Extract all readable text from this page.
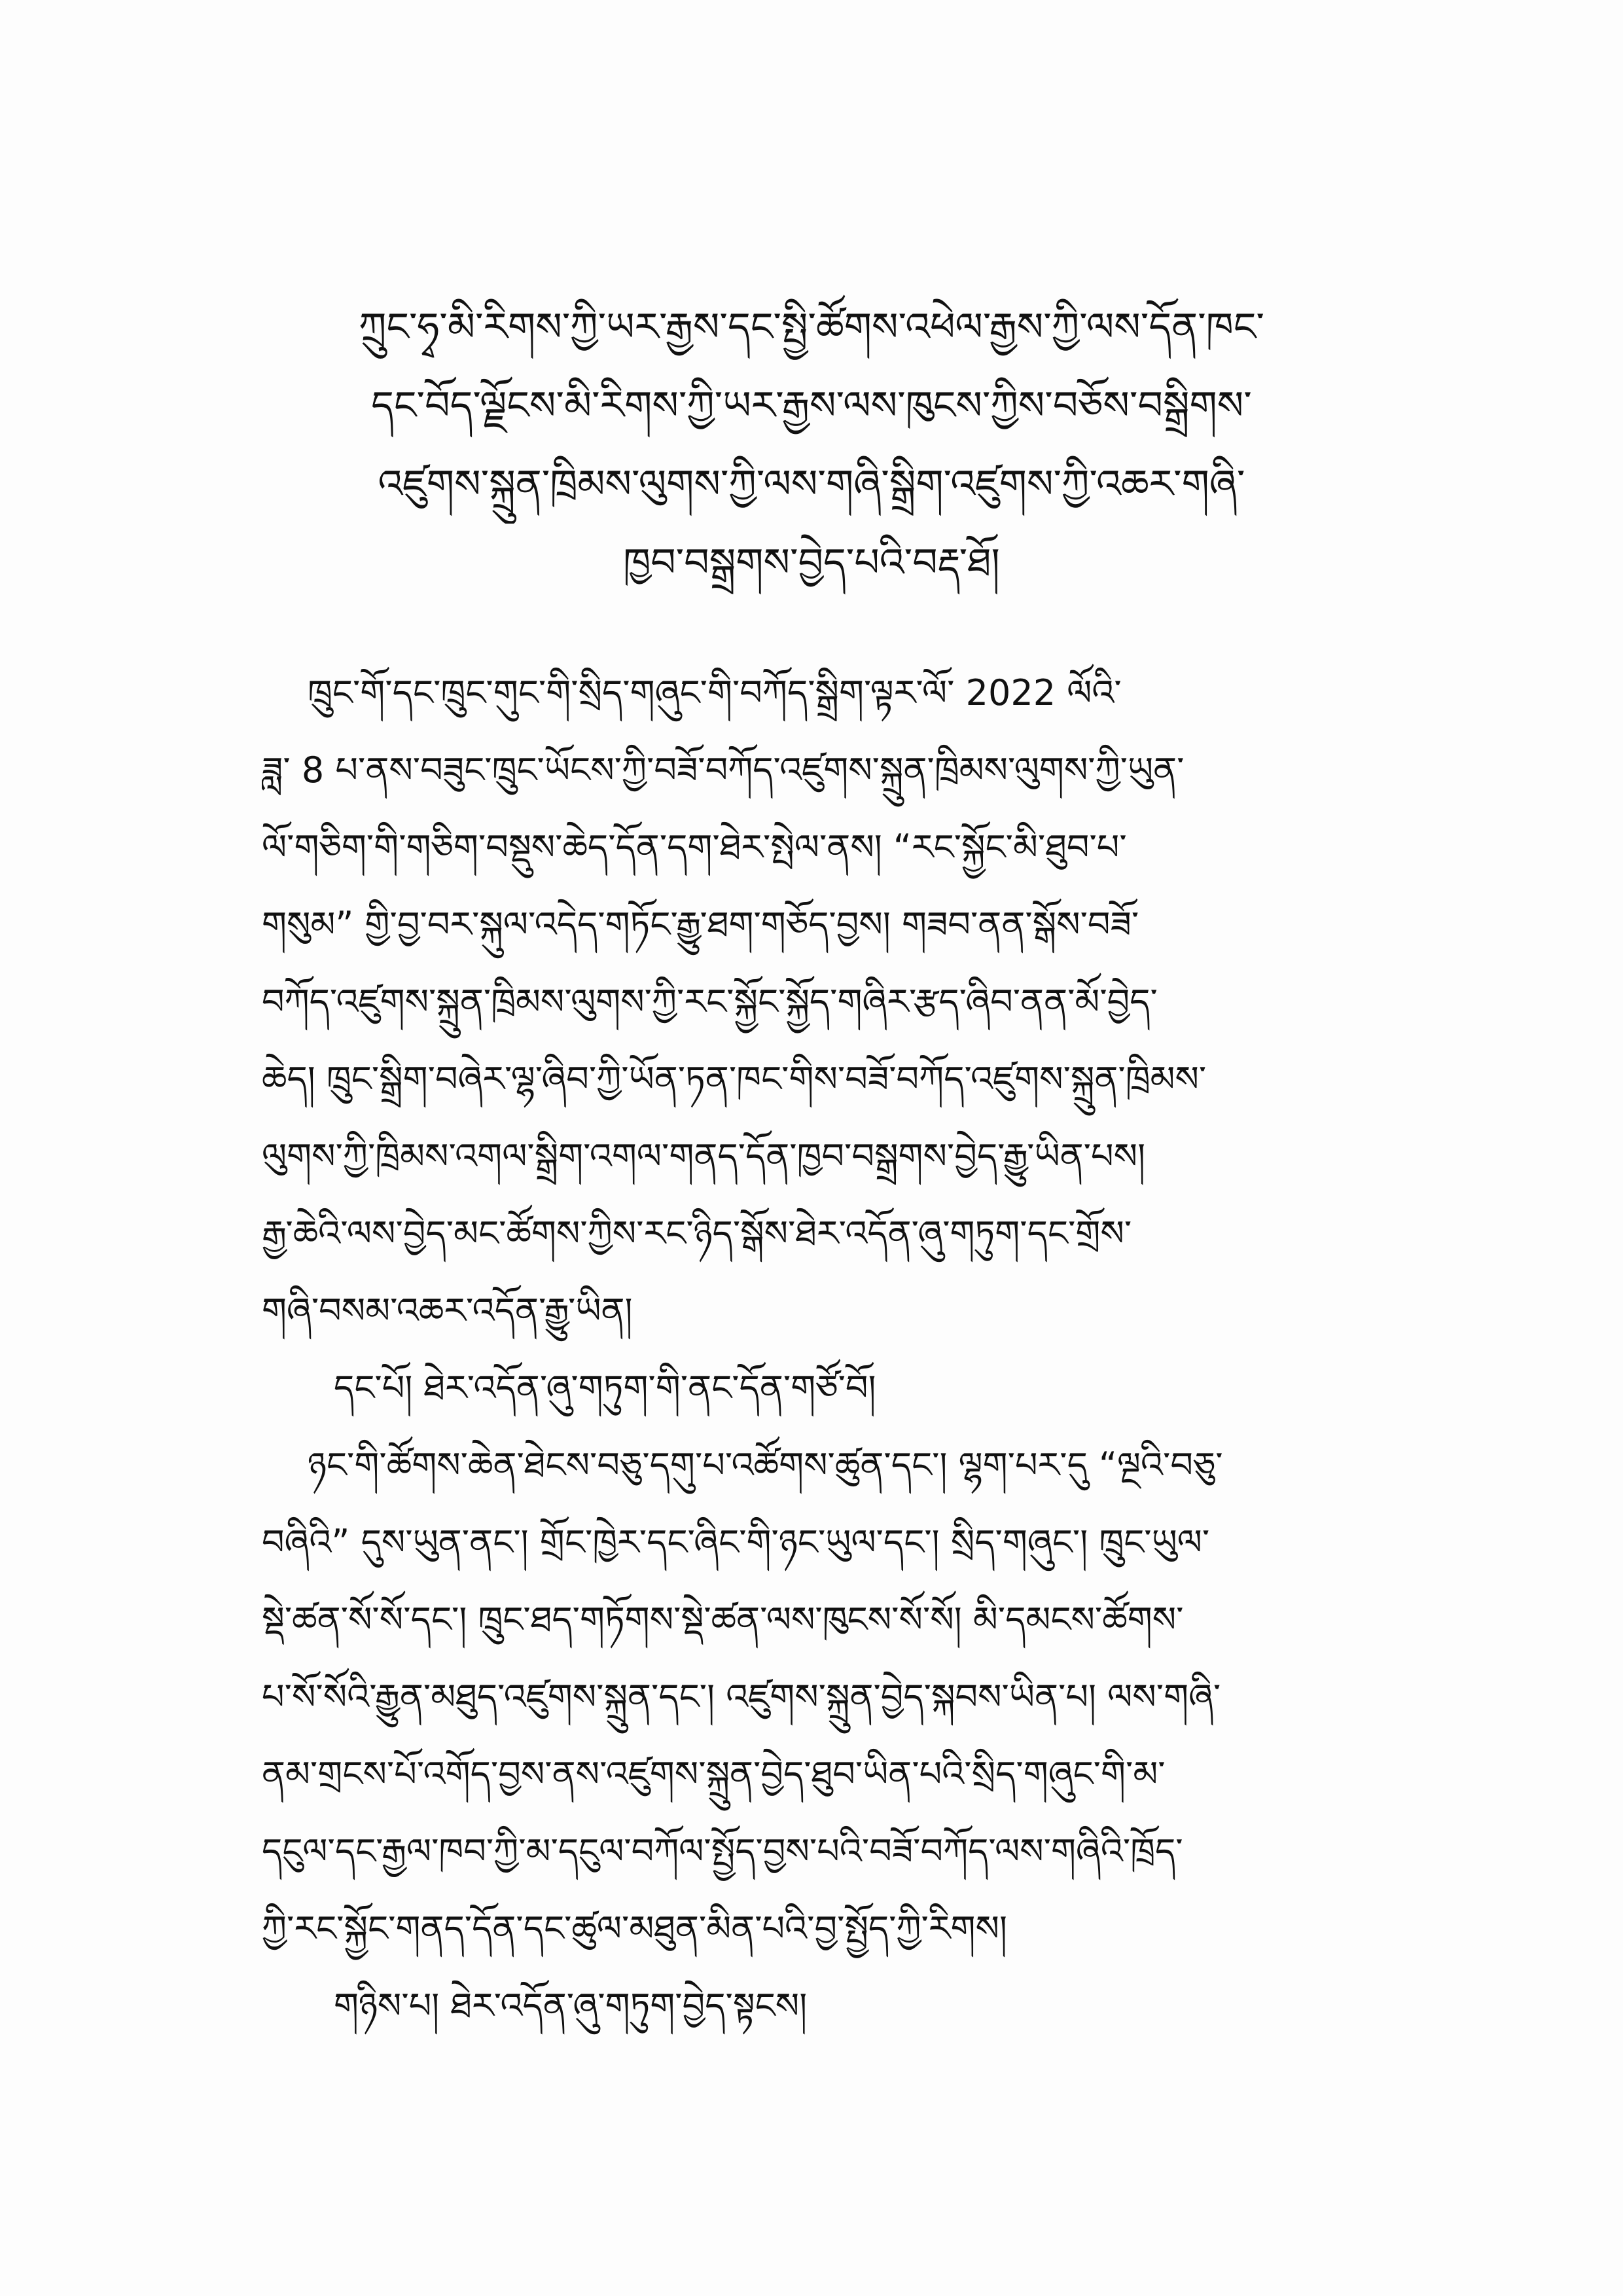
ཀྲུང་ཧྭ་མི་རིགས་ཀྱི་ཡར་རྒྱས་དང་སྤྱི་ཚོགས་འཕེལ་རྒྱས་ཀྱི་ལས་དོན་ཁང་
དང་བོད་ལྗོངས་མི་རིགས་ཀྱི་ཡར་རྒྱས་ལས་ཁུངས་ཀྱིས་བཅོས་བསྒྲིགས་
འཛུགས་སྐྲུན་ཁྲིམས་ལུགས་ཀྱི་ལས་གཞི་སྒྲིག་འཛུགས་ཀྱི་འཆར་གཞི་
ཁྱབ་བསྒྲགས་བྱེད་པའི་བརྡ་ཐོ།
ཁྲུང་གོ་དང་ཁྲུང་གུང་གི་སྲིད་གཞུང་གི་བཀོད་སྒྲིག་ལྟར་ལོ་ 2022 ལོའི་
ཟླ་ 8 པ་ནས་བཟུང་ཁྲུང་ཡོངས་ཀྱི་བཟོ་བཀོད་འཛུགས་སྐྲུན་ཁྲིམས་ལུགས་ཀྱི་ཡུན་
ལོ་གཅིག་གི་གཅིག་བསྡུས་ཆེད་དོན་དག་ཐེར་སྤེལ་ནས། “རང་སྐྱོང་མི་ཐུབ་པ་
གསུམ” གྱི་བྱ་བར་སྐུལ་འདེད་གཏོང་རྒྱུ་ཐག་གཅོད་བྱས། གཟབ་ནན་སྒོས་བཟོ་
བཀོད་འཛུགས་སྐྲུན་ཁྲིམས་ལུགས་ཀྱི་རང་སྐྱོང་སྐྱོད་གཞིར་རྩད་ཞིབ་ནན་མོ་བྱེད་
ཆེད། ཁྲུང་སྒྲིག་བཞེར་ལྷ་ཞིབ་ཀྱི་ཡོན་ཏན་ཁང་གིས་བཟོ་བཀོད་འཛུགས་སྐྲུན་ཁྲིམས་
ལུགས་ཀྱི་ཁྲིམས་འགལ་སྒྲིག་འགལ་གནད་དོན་ཁྱབ་བསྒྲགས་བྱེད་རྒྱུ་ཡིན་པས།
རྒྱ་ཆེའི་ལས་བྱེད་མང་ཚོགས་ཀྱིས་རང་ཉིད་སྒོས་ཐེར་འདོན་ཞུ་གཏུག་དང་གྲོས་
གཞི་བསམ་འཆར་འདོན་རྒྱུ་ཡིན།
དང་པོ། ཐེར་འདོན་ཞུ་གཏུག་གི་ནང་དོན་གཙོ་བོ།
ཉང་གི་ཚོགས་ཆེན་ཐེངས་བཅུ་དགུ་པ་འཚོགས་ཚུན་དང་། ལྷག་པར་དུ “ལྔའི་བཅུ་
བཞིའི” དུས་ཡུན་ནང་། གྲོང་ཁྱེར་དང་ཞིང་གི་ཉང་ཡུལ་དང་། སྲིད་གཞུང་། ཁྲུང་ཡུལ་
སྡེ་ཚན་སོ་སོ་དང་། ཁྲུང་ཐད་གཏོགས་སྡེ་ཚན་ལས་ཁུངས་སོ་སོ། མི་དམངས་ཚོགས་
པ་སོ་སོའི་རྒྱུན་མཐུད་འཛུགས་སྐྲུན་དང་། འཛུགས་སྐྲུན་བྱེད་སྐབས་ཡིན་པ། ལས་གཞི་
ནམ་གྲངས་པོ་འགོད་བྱས་ནས་འཛུགས་སྐྲུན་བྱེད་ཐུབ་ཡིན་པའི་སྲིད་གཞུང་གི་མ་
དངུལ་དང་རྒྱལ་ཁབ་ཀྱི་མ་དངུལ་བཀོལ་སྤྱོད་བྱས་པའི་བཟོ་བཀོད་ལས་གཞིའི་ཁྲོད་
ཀྱི་རང་སྐྱོང་གནད་དོན་དང་ཚུལ་མཐུན་མིན་པའི་བྱ་སྤྱོད་ཀྱི་རིགས།
གཉིས་པ། ཐེར་འདོན་ཞུ་གཏུག་བྱེད་སྟངས།
